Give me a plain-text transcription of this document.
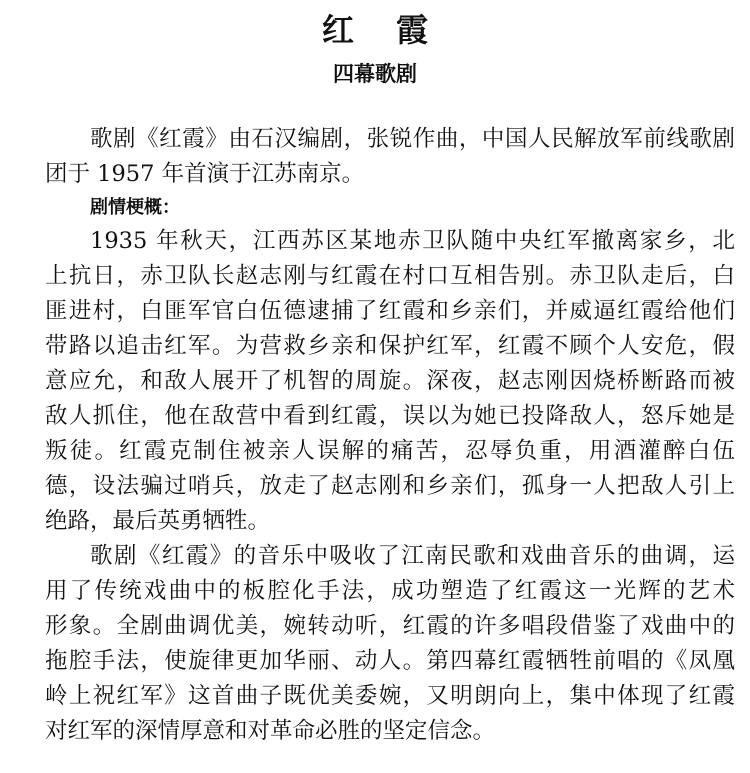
红 霞
四幕歌剧
歌剧《红霞》由石汉编剧，张锐作曲，中国人民解放军前线歌剧
团于 1957 年首演于江苏南京。
剧情梗概：
1935 年秋天，江西苏区某地赤卫队随中央红军撤离家乡，北
上抗日，赤卫队长赵志刚与红霞在村口互相告别。赤卫队走后，白
匪进村，白匪军官白伍德逮捕了红霞和乡亲们，并威逼红霞给他们
带路以追击红军。为营救乡亲和保护红军，红霞不顾个人安危，假
意应允，和敌人展开了机智的周旋。深夜，赵志刚因烧桥断路而被
敌人抓住，他在敌营中看到红霞，误以为她已投降敌人，怒斥她是
叛徒。红霞克制住被亲人误解的痛苦，忍辱负重，用酒灌醉白伍
德，设法骗过哨兵，放走了赵志刚和乡亲们，孤身一人把敌人引上
绝路，最后英勇牺牲。
歌剧《红霞》的音乐中吸收了江南民歌和戏曲音乐的曲调，运
用了传统戏曲中的板腔化手法，成功塑造了红霞这一光辉的艺术
形象。全剧曲调优美，婉转动听，红霞的许多唱段借鉴了戏曲中的
拖腔手法，使旋律更加华丽、动人。第四幕红霞牺牲前唱的《凤凰
岭上祝红军》这首曲子既优美委婉，又明朗向上，集中体现了红霞
对红军的深情厚意和对革命必胜的坚定信念。
